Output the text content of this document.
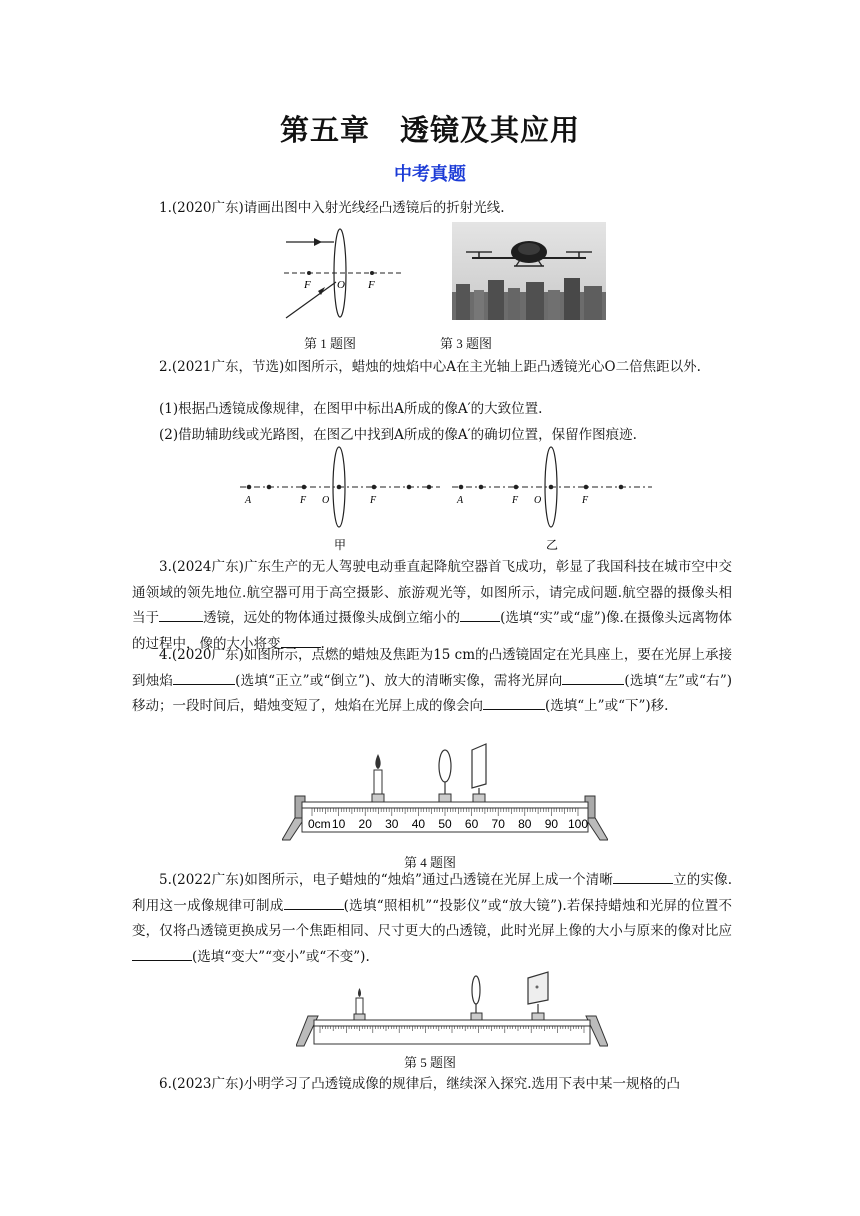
第五章　透镜及其应用
中考真题

1.(2020广东)请画出图中入射光线经凸透镜后的折射光线.

F O F
第 1 题图	第 3 题图

2.(2021广东，节选)如图所示，蜡烛的烛焰中心A在主光轴上距凸透镜光心O二倍焦距以外.

(1)根据凸透镜成像规律，在图甲中标出A所成的像A′的大致位置.

(2)借助辅助线或光路图，在图乙中找到A所成的像A′的确切位置，保留作图痕迹.

A	F O	F
甲
A	F O	F
乙

3.(2024广东)广东生产的无人驾驶电动垂直起降航空器首飞成功，彰显了我国科技在城市空中交通领域的领先地位.航空器可用于高空摄影、旅游观光等，如图所示，请完成问题.航空器的摄像头相当于	透镜，远处的物体通过摄像头成倒立缩小的	(选填“实”或“虚”)像.在摄像头远离物体的过程中，像的大小将变	.

4.(2020广东)如图所示，点燃的蜡烛及焦距为15 cm的凸透镜固定在光具座上，要在光屏上承接到烛焰	(选填“正立”或“倒立”)、放大的清晰实像，需将光屏向	(选填“左”或“右”)移动；一段时间后，蜡烛变短了，烛焰在光屏上成的像会向	(选填“上”或“下”)移.

0cm 10 20 30 40 50 60 70 80 90 100
第 4 题图

5.(2022广东)如图所示，电子蜡烛的“烛焰”通过凸透镜在光屏上成一个清晰	立的实像.利用这一成像规律可制成	(选填“照相机”“投影仪”或“放大镜”).若保持蜡烛和光屏的位置不变，仅将凸透镜更换成另一个焦距相同、尺寸更大的凸透镜，此时光屏上像的大小与原来的像对比应(选填“变大”“变小”或“不变”).

第 5 题图

6.(2023广东)小明学习了凸透镜成像的规律后，继续深入探究.选用下表中某一规格的凸
